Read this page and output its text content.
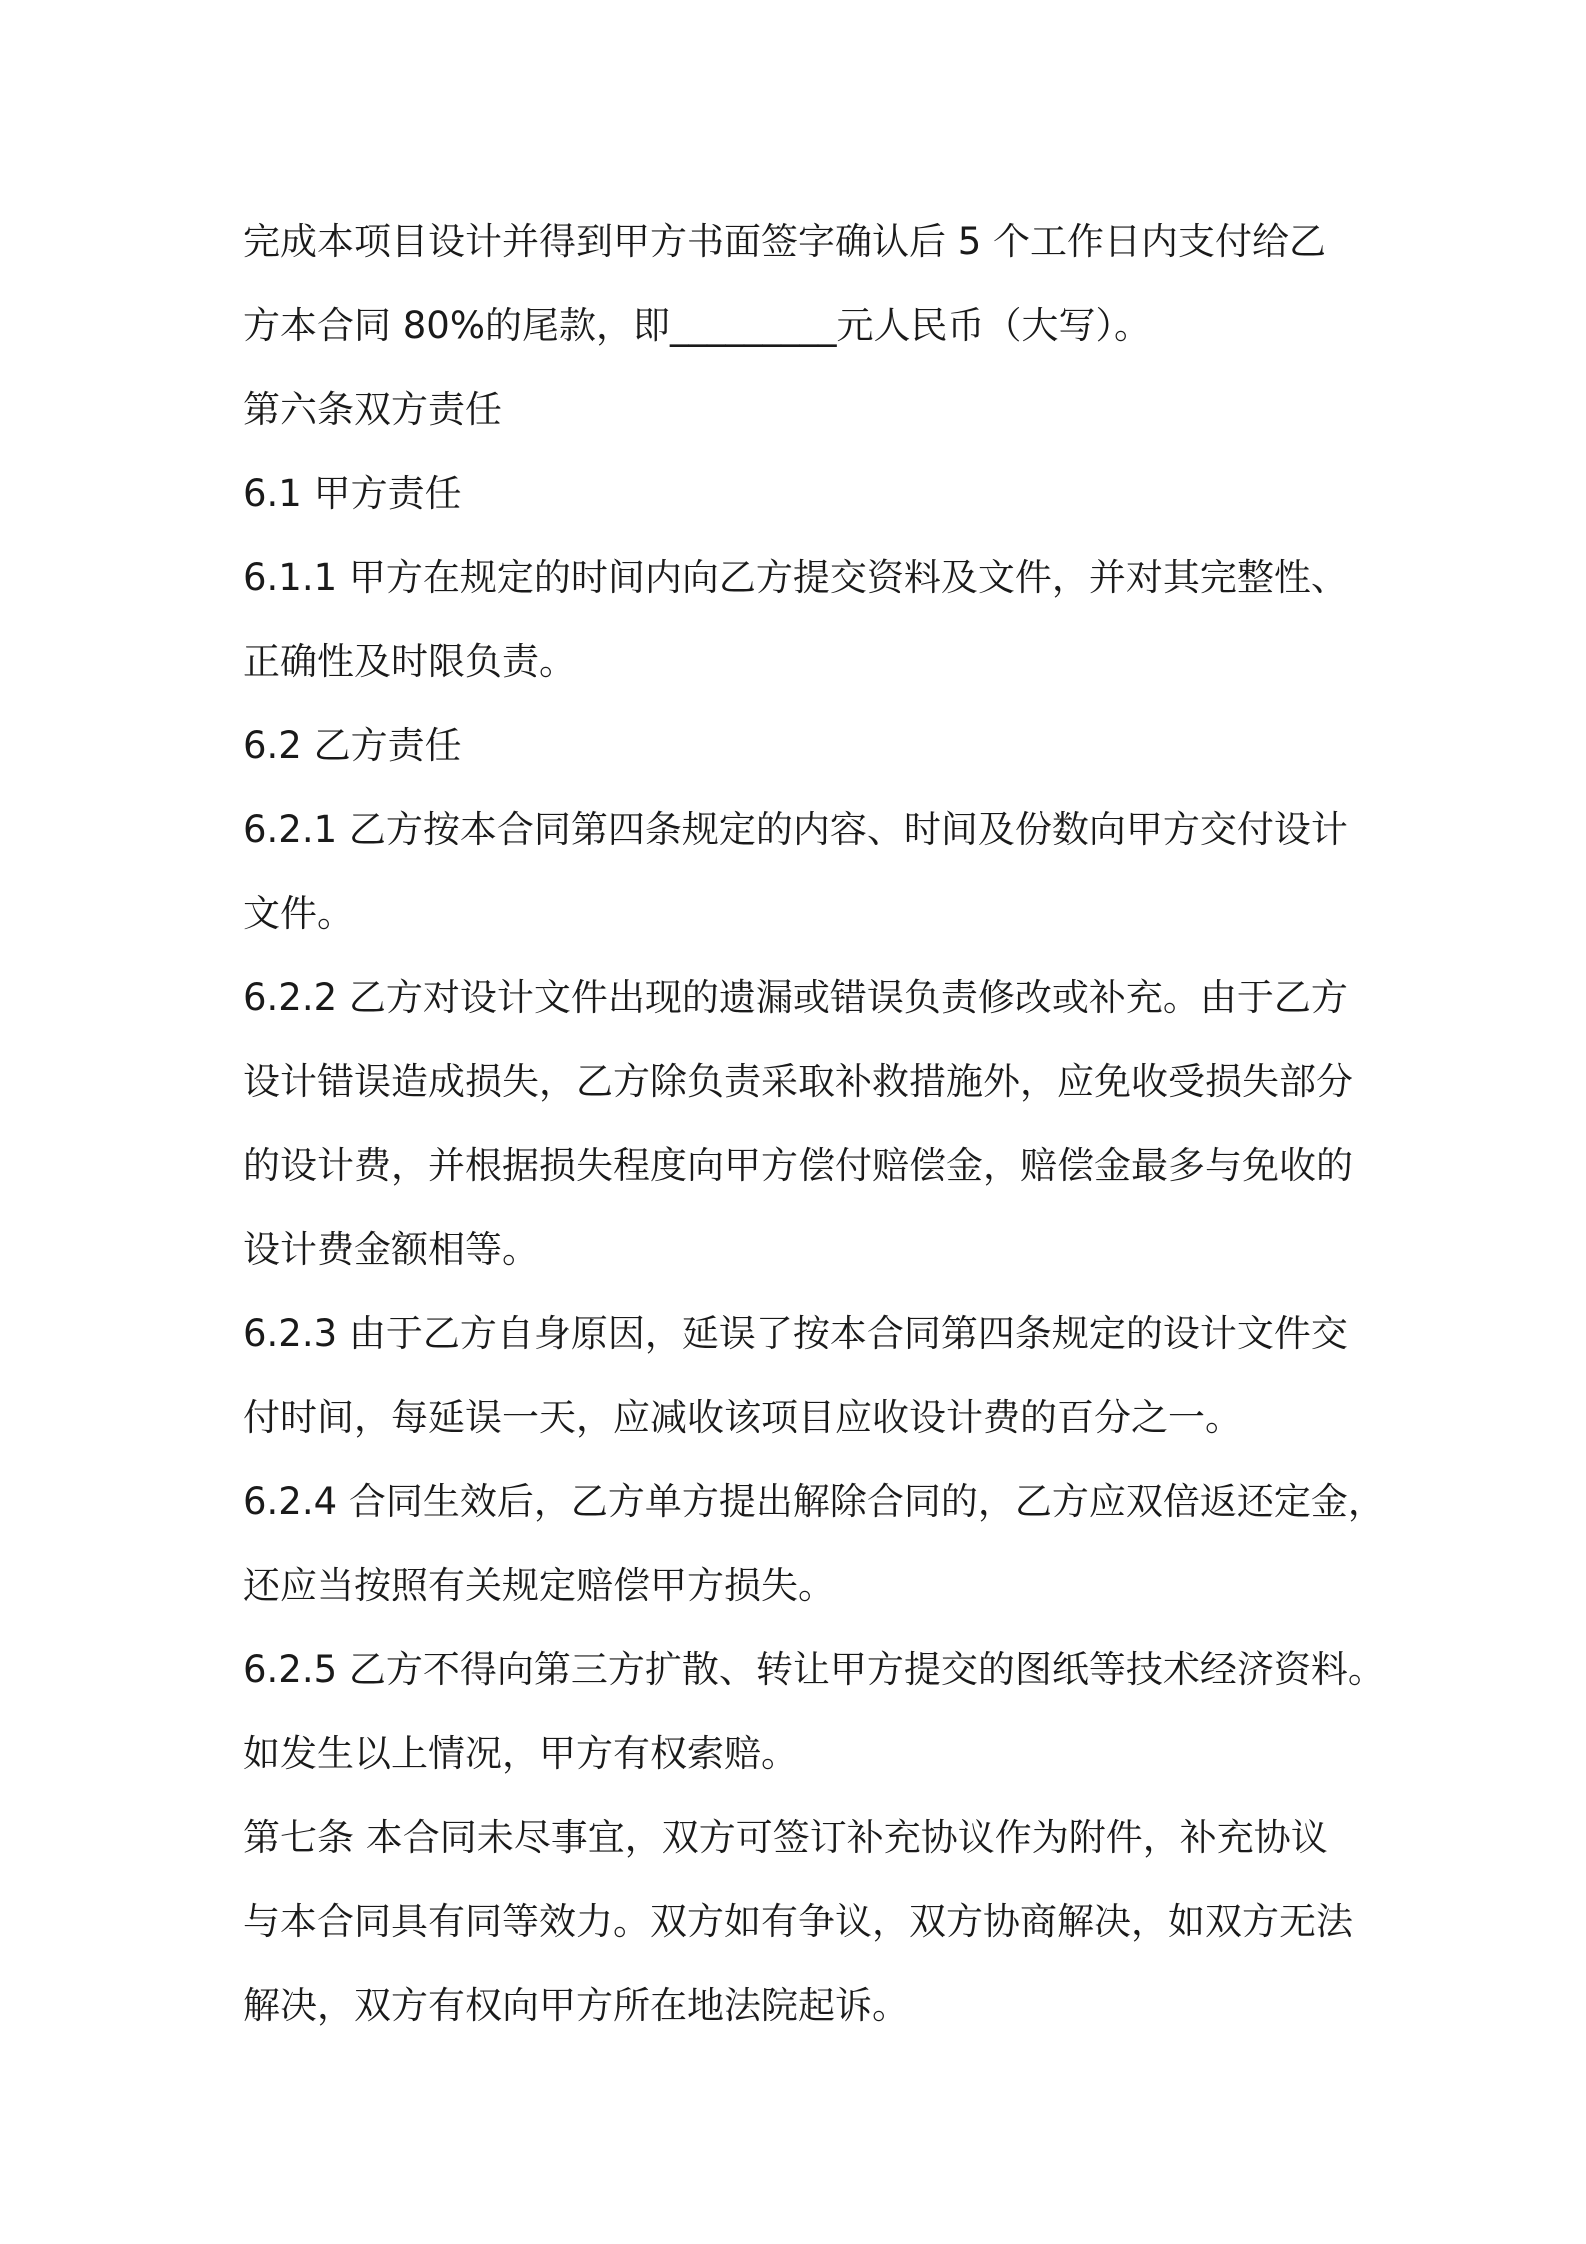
完成本项目设计并得到甲方书面签字确认后 5 个工作日内支付给乙
方本合同 80%的尾款，即_________元人民币（大写）。
第六条双方责任
6.1 甲方责任
6.1.1 甲方在规定的时间内向乙方提交资料及文件，并对其完整性、
正确性及时限负责。
6.2 乙方责任
6.2.1 乙方按本合同第四条规定的内容、时间及份数向甲方交付设计
文件。
6.2.2 乙方对设计文件出现的遗漏或错误负责修改或补充。由于乙方
设计错误造成损失，乙方除负责采取补救措施外，应免收受损失部分
的设计费，并根据损失程度向甲方偿付赔偿金，赔偿金最多与免收的
设计费金额相等。
6.2.3 由于乙方自身原因，延误了按本合同第四条规定的设计文件交
付时间，每延误一天，应减收该项目应收设计费的百分之一。
6.2.4 合同生效后，乙方单方提出解除合同的，乙方应双倍返还定金，
还应当按照有关规定赔偿甲方损失。
6.2.5 乙方不得向第三方扩散、转让甲方提交的图纸等技术经济资料。
如发生以上情况，甲方有权索赔。
第七条 本合同未尽事宜，双方可签订补充协议作为附件，补充协议
与本合同具有同等效力。双方如有争议，双方协商解决，如双方无法
解决，双方有权向甲方所在地法院起诉。
